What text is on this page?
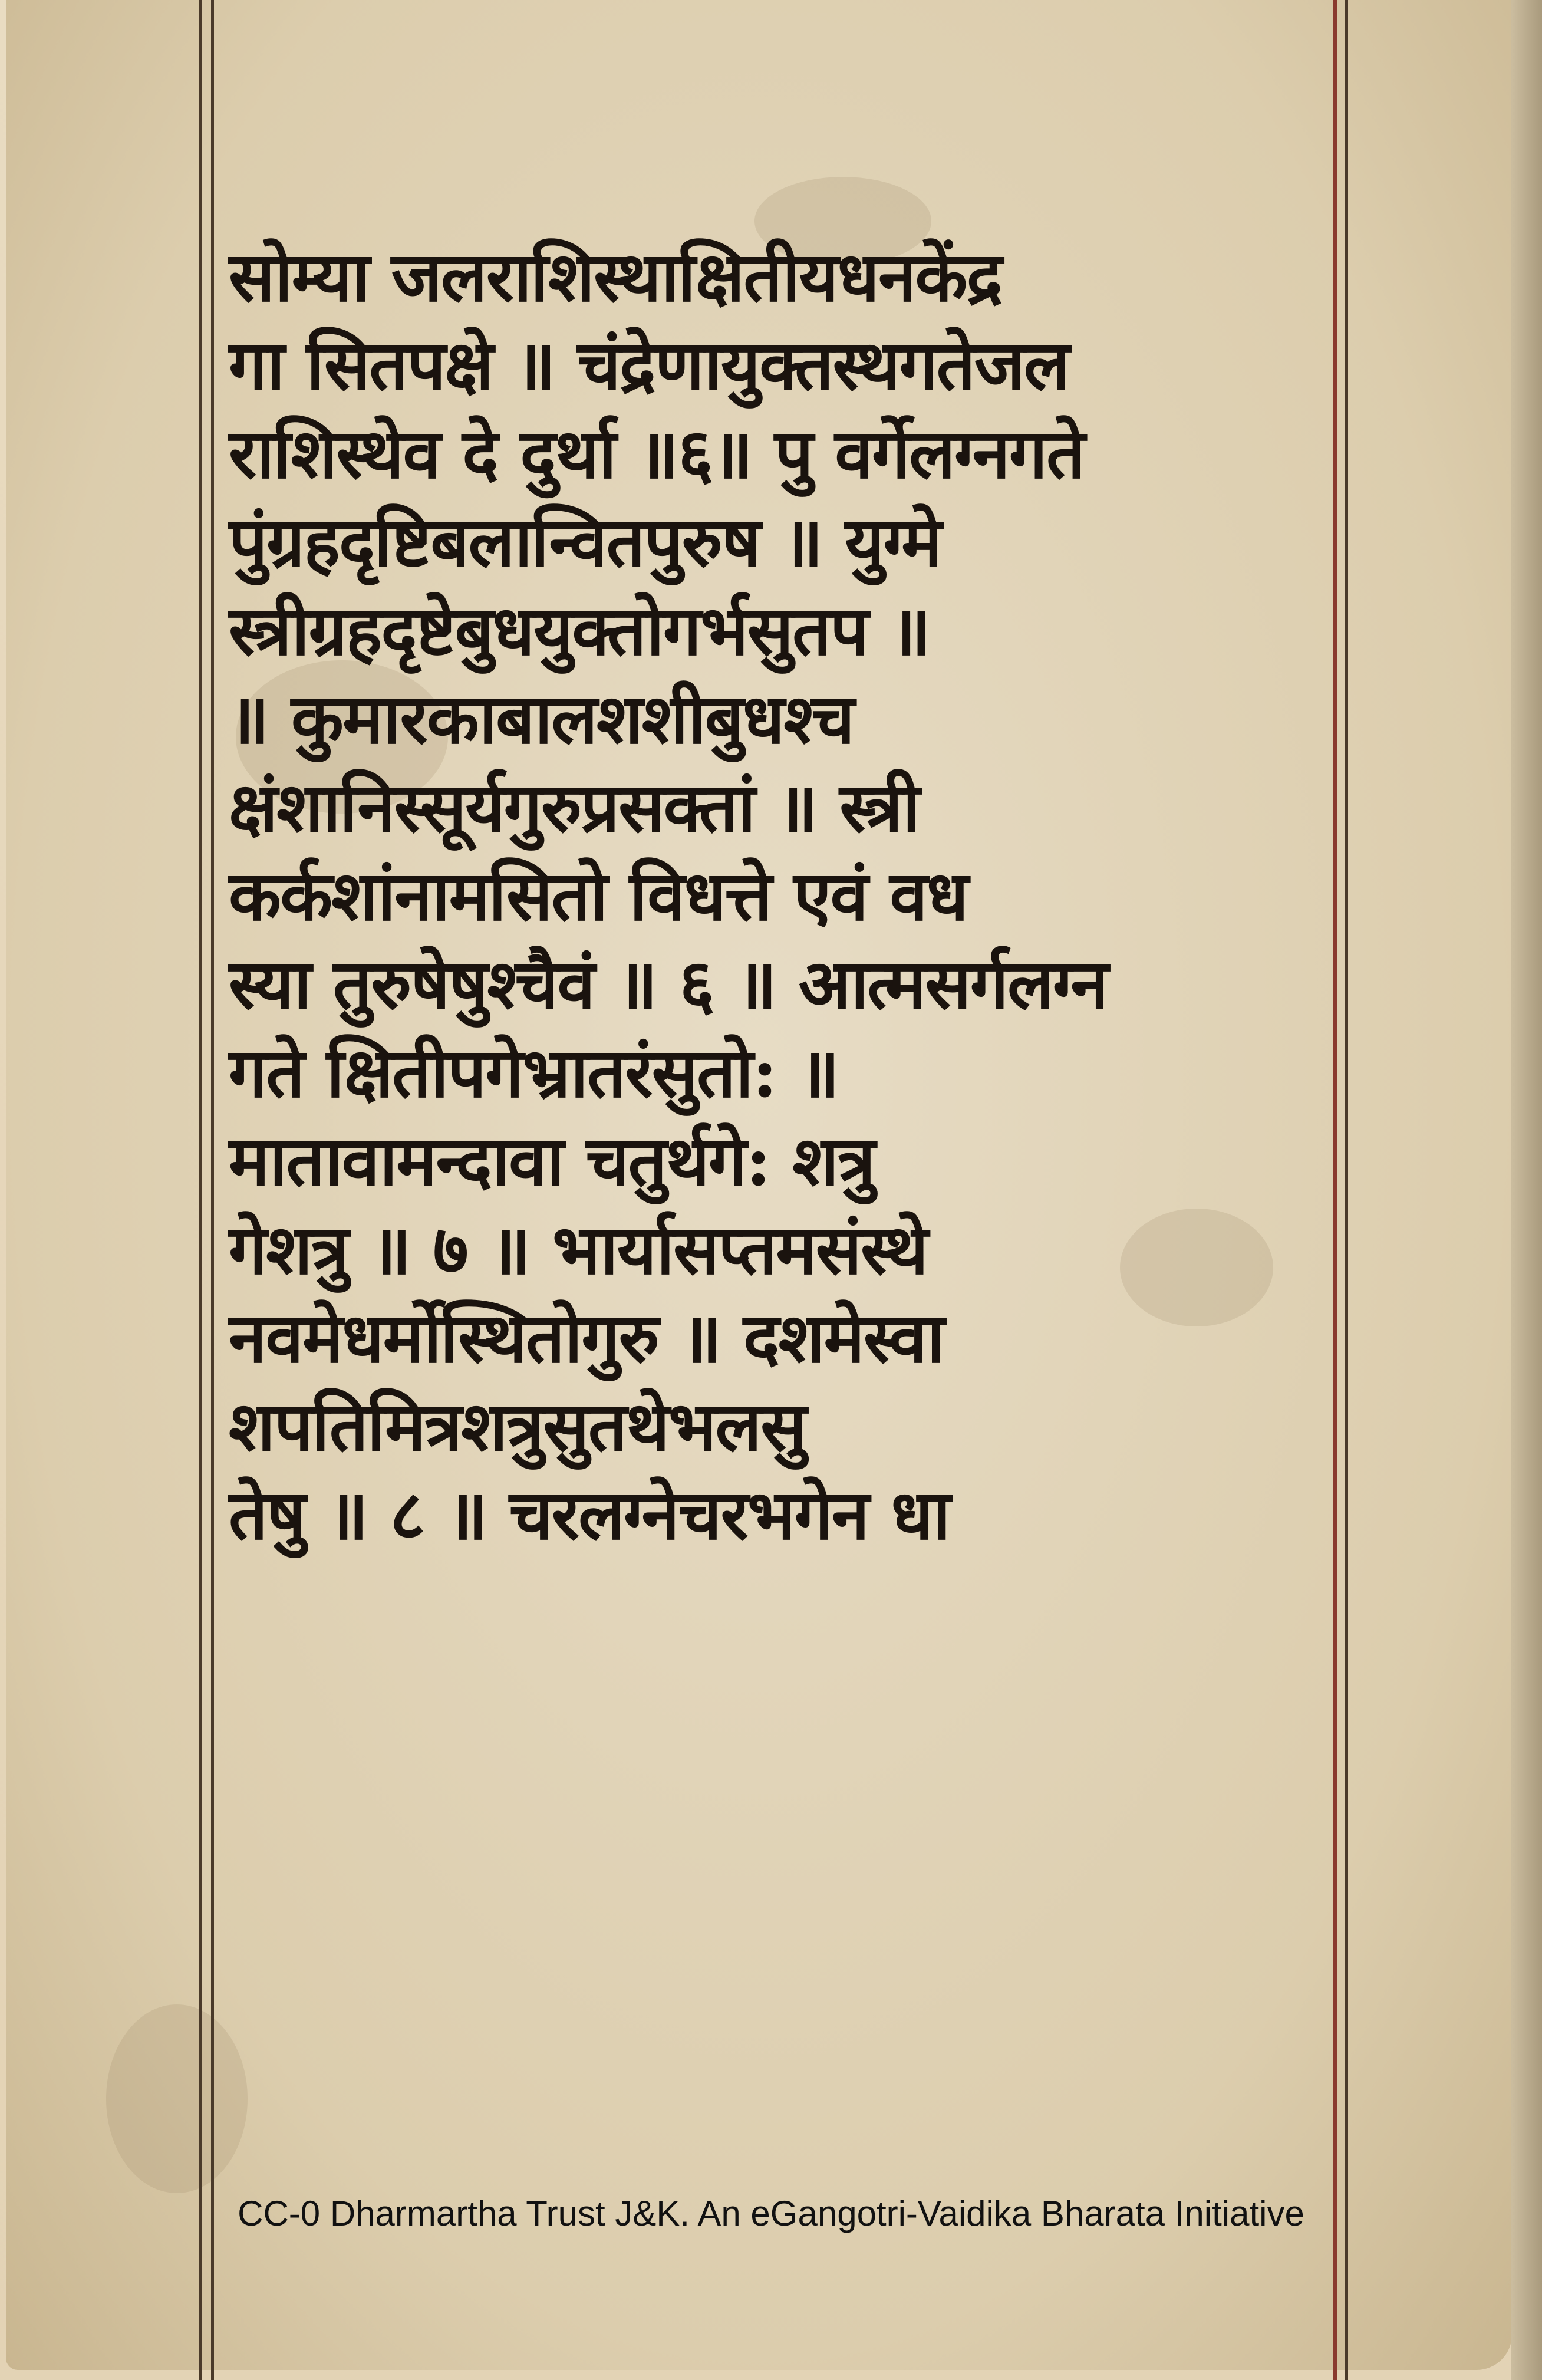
सोम्या जलराशिस्थाक्षितीयधनकेंद्र
गा सितपक्षे ॥ चंद्रेणायुक्तस्थगतेजल
राशिस्थेव दे दुर्था ॥६॥ पु वर्गेलग्नगते
पुंग्रहदृष्टिबलान्वितपुरुष ॥ युग्मे
स्त्रीग्रहदृष्टेबुधयुक्तोगर्भसुतप ॥
॥ कुमारकाबालशशीबुधश्च
क्षंशानिस्सूर्यगुरुप्रसक्तां ॥ स्त्री
कर्कशांनामसितो विधत्ते एवं वध
स्या तुरुषेषुश्चैवं ॥ ६ ॥ आत्मसर्गलग्न
गते क्षितीपगेभ्रातरंसुतो: ॥
मातावामन्दावा चतुर्थगे: शत्रु
गेशत्रु ॥ ७ ॥ भार्यासप्तमसंस्थे
नवमेधर्मोस्थितोगुरु ॥ दशमेस्वा
शपतिमित्रशत्रुसुतथेभलसु
तेषु ॥ ८ ॥ चरलग्नेचरभगेन धा
CC-0 Dharmartha Trust J&K. An eGangotri-Vaidika Bharata Initiative
